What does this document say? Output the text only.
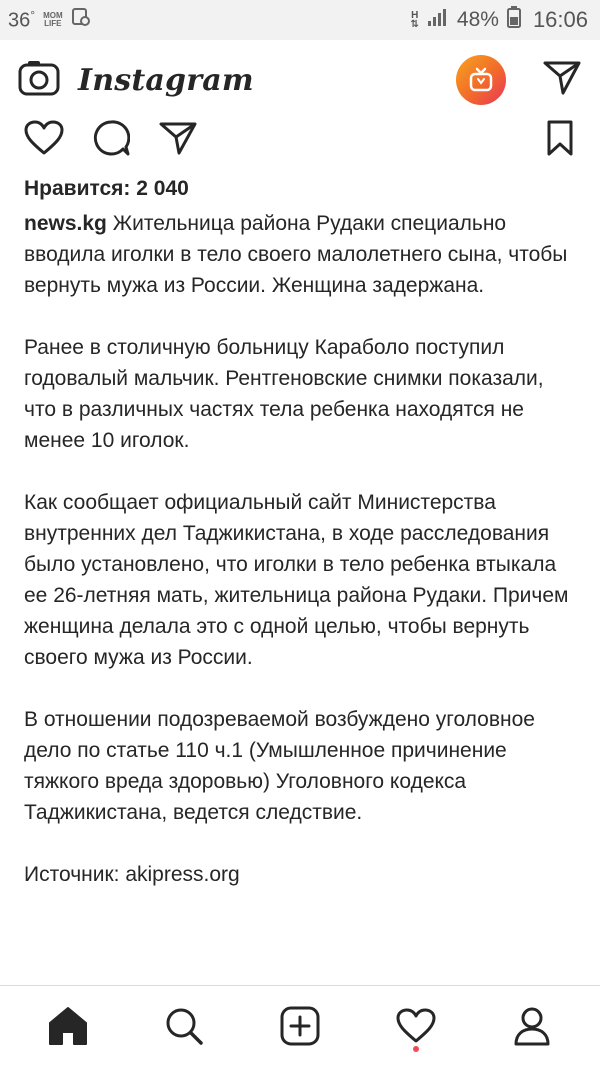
36° MOM
LIFE
H
⇅ 48% 16:06
Instagram
Нравится: 2 040
news.kg Жительница района Рудаки специально вводила иголки в тело своего малолетнего сына, чтобы вернуть мужа из России. Женщина задержана.
Ранее в столичную больницу Караболо поступил годовалый мальчик. Рентгеновские снимки показали, что в различных частях тела ребенка находятся не менее 10 иголок.
Как сообщает официальный сайт Министерства внутренних дел Таджикистана, в ходе расследования было установлено, что иголки в тело ребенка втыкала ее 26-летняя мать, жительница района Рудаки. Причем женщина делала это с одной целью, чтобы вернуть своего мужа из России.
В отношении подозреваемой возбуждено уголовное дело по статье 110 ч.1 (Умышленное причинение тяжкого вреда здоровью) Уголовного кодекса Таджикистана, ведется следствие.
Источник: akipress.org
